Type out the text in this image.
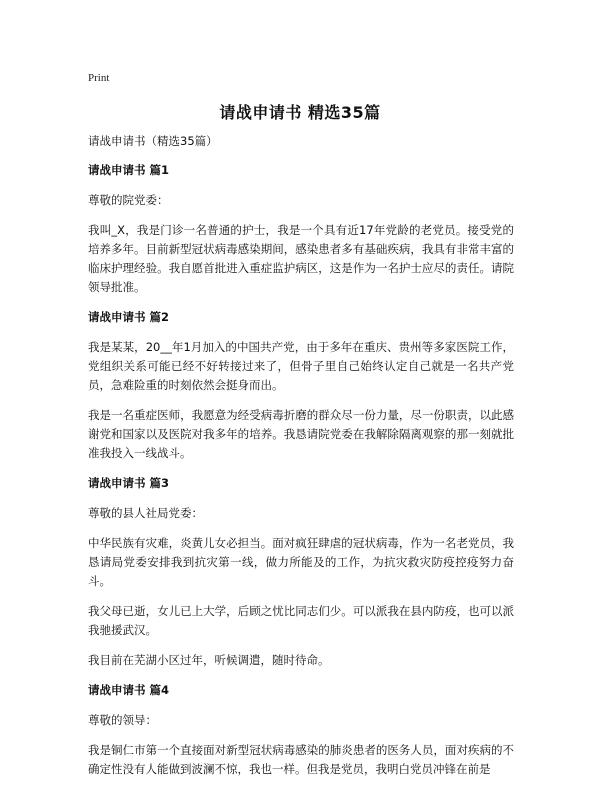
Print
请战申请书 精选35篇

请战申请书（精选35篇）

请战申请书 篇1

尊敬的院党委：

我叫_X，我是门诊一名普通的护士，我是一个具有近17年党龄的老党员。接受党的培养多年。目前新型冠状病毒感染期间，感染患者多有基础疾病，我具有非常丰富的临床护理经验。我自愿首批进入重症监护病区，这是作为一名护士应尽的责任。请院领导批准。

请战申请书 篇2

我是某某，20__年1月加入的中国共产党，由于多年在重庆、贵州等多家医院工作，党组织关系可能已经不好转接过来了，但骨子里自己始终认定自己就是一名共产党员，急难险重的时刻依然会挺身而出。

我是一名重症医师，我愿意为经受病毒折磨的群众尽一份力量，尽一份职责，以此感谢党和国家以及医院对我多年的培养。我恳请院党委在我解除隔离观察的那一刻就批准我投入一线战斗。

请战申请书 篇3

尊敬的县人社局党委：

中华民族有灾难，炎黄儿女必担当。面对疯狂肆虐的冠状病毒，作为一名老党员，我恳请局党委安排我到抗灾第一线，做力所能及的工作，为抗灾救灾防疫控疫努力奋斗。

我父母已逝，女儿已上大学，后顾之忧比同志们少。可以派我在县内防疫，也可以派我驰援武汉。

我目前在芜湖小区过年，听候调遣，随时待命。

请战申请书 篇4

尊敬的领导：

我是铜仁市第一个直接面对新型冠状病毒感染的肺炎患者的医务人员，面对疾病的不确定性没有人能做到波澜不惊，我也一样。但我是党员，我明白党员冲锋在前是
